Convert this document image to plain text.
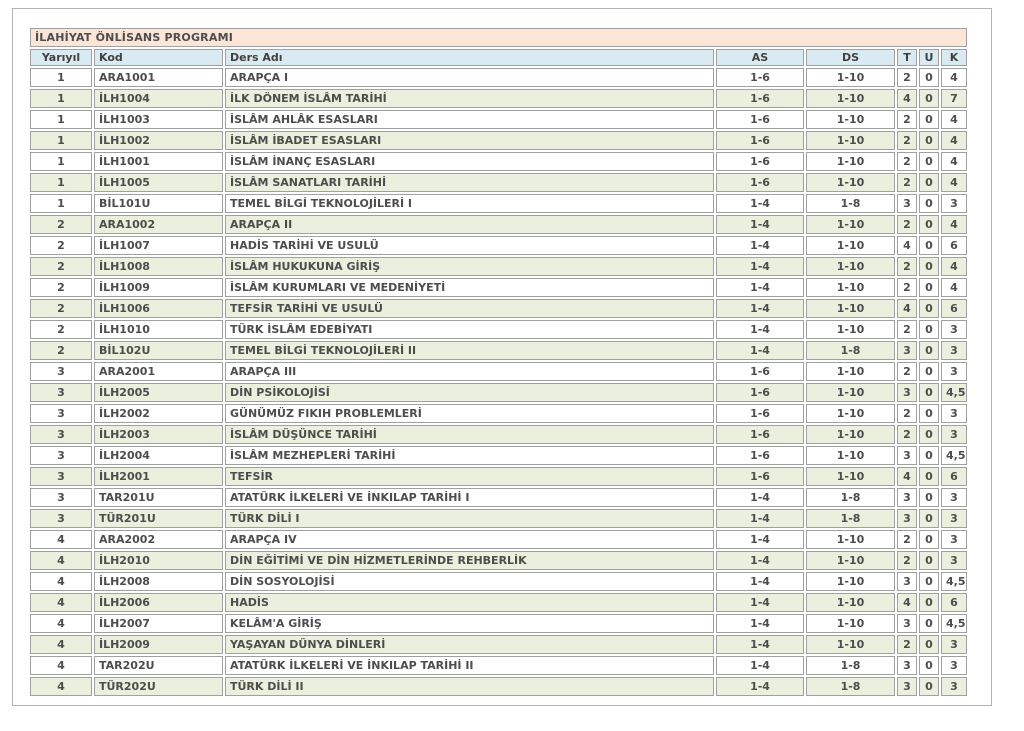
İLAHİYAT ÖNLİSANS PROGRAMI							
Yarıyıl	Kod	Ders Adı	AS	DS	T	U	K
1	ARA1001	ARAPÇA I	1-6	1-10	2	0	4
1	İLH1004	İLK DÖNEM İSLÂM TARİHİ	1-6	1-10	4	0	7
1	İLH1003	İSLÂM AHLÂK ESASLARI	1-6	1-10	2	0	4
1	İLH1002	İSLÂM İBADET ESASLARI	1-6	1-10	2	0	4
1	İLH1001	İSLÂM İNANÇ ESASLARI	1-6	1-10	2	0	4
1	İLH1005	İSLÂM SANATLARI TARİHİ	1-6	1-10	2	0	4
1	BİL101U	TEMEL BİLGİ TEKNOLOJİLERİ I	1-4	1-8	3	0	3
2	ARA1002	ARAPÇA II	1-4	1-10	2	0	4
2	İLH1007	HADİS TARİHİ VE USULÜ	1-4	1-10	4	0	6
2	İLH1008	İSLÂM HUKUKUNA GİRİŞ	1-4	1-10	2	0	4
2	İLH1009	İSLÂM KURUMLARI VE MEDENİYETİ	1-4	1-10	2	0	4
2	İLH1006	TEFSİR TARİHİ VE USULÜ	1-4	1-10	4	0	6
2	İLH1010	TÜRK İSLÂM EDEBİYATI	1-4	1-10	2	0	3
2	BİL102U	TEMEL BİLGİ TEKNOLOJİLERİ II	1-4	1-8	3	0	3
3	ARA2001	ARAPÇA III	1-6	1-10	2	0	3
3	İLH2005	DİN PSİKOLOJİSİ	1-6	1-10	3	0	4,5
3	İLH2002	GÜNÜMÜZ FIKIH PROBLEMLERİ	1-6	1-10	2	0	3
3	İLH2003	İSLÂM DÜŞÜNCE TARİHİ	1-6	1-10	2	0	3
3	İLH2004	İSLÂM MEZHEPLERİ TARİHİ	1-6	1-10	3	0	4,5
3	İLH2001	TEFSİR	1-6	1-10	4	0	6
3	TAR201U	ATATÜRK İLKELERİ VE İNKILAP TARİHİ I	1-4	1-8	3	0	3
3	TÜR201U	TÜRK DİLİ I	1-4	1-8	3	0	3
4	ARA2002	ARAPÇA IV	1-4	1-10	2	0	3
4	İLH2010	DİN EĞİTİMİ VE DİN HİZMETLERİNDE REHBERLİK	1-4	1-10	2	0	3
4	İLH2008	DİN SOSYOLOJİSİ	1-4	1-10	3	0	4,5
4	İLH2006	HADİS	1-4	1-10	4	0	6
4	İLH2007	KELÂM'A GİRİŞ	1-4	1-10	3	0	4,5
4	İLH2009	YAŞAYAN DÜNYA DİNLERİ	1-4	1-10	2	0	3
4	TAR202U	ATATÜRK İLKELERİ VE İNKILAP TARİHİ II	1-4	1-8	3	0	3
4	TÜR202U	TÜRK DİLİ II	1-4	1-8	3	0	3
